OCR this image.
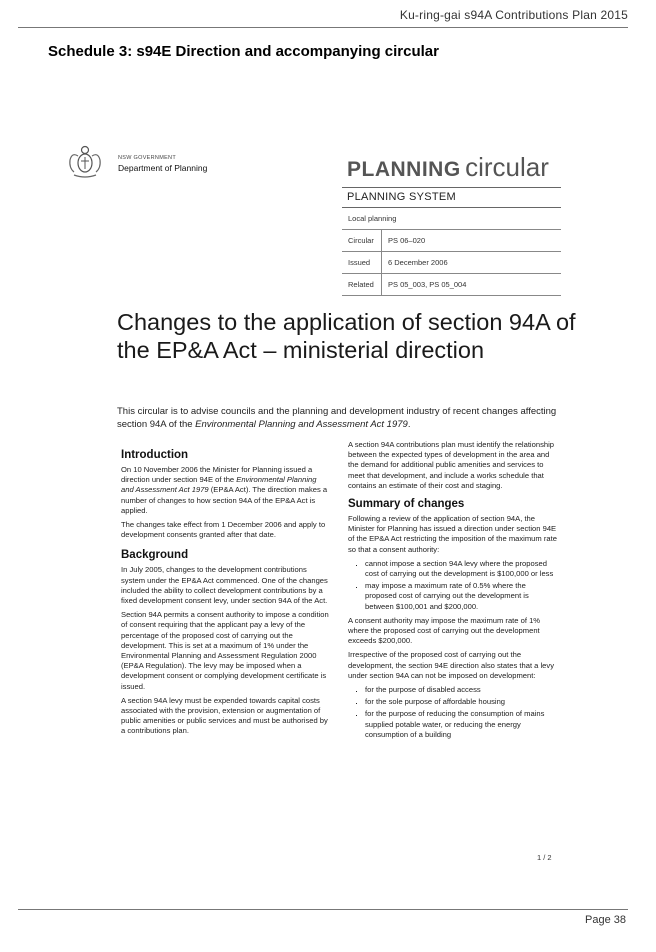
Ku-ring-gai s94A Contributions Plan 2015
Schedule 3: s94E Direction and accompanying circular
NSW GOVERNMENT
Department of Planning	PLANNING circular
PLANNING SYSTEM
Local planning
Circular	PS 06–020
Issued	6 December 2006
Related	PS 05_003, PS 05_004
Changes to the application of section 94A of the EP&A Act – ministerial direction
This circular is to advise councils and the planning and development industry of recent changes affecting section 94A of the Environmental Planning and Assessment Act 1979.
Introduction

On 10 November 2006 the Minister for Planning issued a direction under section 94E of the Environmental Planning and Assessment Act 1979 (EP&A Act). The direction makes a number of changes to how section 94A of the EP&A Act is applied.

The changes take effect from 1 December 2006 and apply to development consents granted after that date.

Background

In July 2005, changes to the development contributions system under the EP&A Act commenced. One of the changes included the ability to collect development contributions by a fixed development consent levy, under section 94A of the Act.

Section 94A permits a consent authority to impose a condition of consent requiring that the applicant pay a levy of the percentage of the proposed cost of carrying out the development. This is set at a maximum of 1% under the Environmental Planning and Assessment Regulation 2000 (EP&A Regulation). The levy may be imposed when a development consent or complying development certificate is issued.

A section 94A levy must be expended towards capital costs associated with the provision, extension or augmentation of public amenities or public services and must be authorised by a contributions plan.

A section 94A contributions plan must identify the relationship between the expected types of development in the area and the demand for additional public amenities and services to meet that development, and include a works schedule that contains an estimate of their cost and staging.

Summary of changes

Following a review of the application of section 94A, the Minister for Planning has issued a direction under section 94E of the EP&A Act restricting the imposition of the maximum rate so that a consent authority:

▪ cannot impose a section 94A levy where the proposed cost of carrying out the development is $100,000 or less
▪ may impose a maximum rate of 0.5% where the proposed cost of carrying out the development is between $100,001 and $200,000.

A consent authority may impose the maximum rate of 1% where the proposed cost of carrying out the development exceeds $200,000.

Irrespective of the proposed cost of carrying out the development, the section 94E direction also states that a levy under section 94A can not be imposed on development:

▪ for the purpose of disabled access
▪ for the sole purpose of affordable housing
▪ for the purpose of reducing the consumption of mains supplied potable water, or reducing the energy consumption of a building
1 / 2
Page 38
